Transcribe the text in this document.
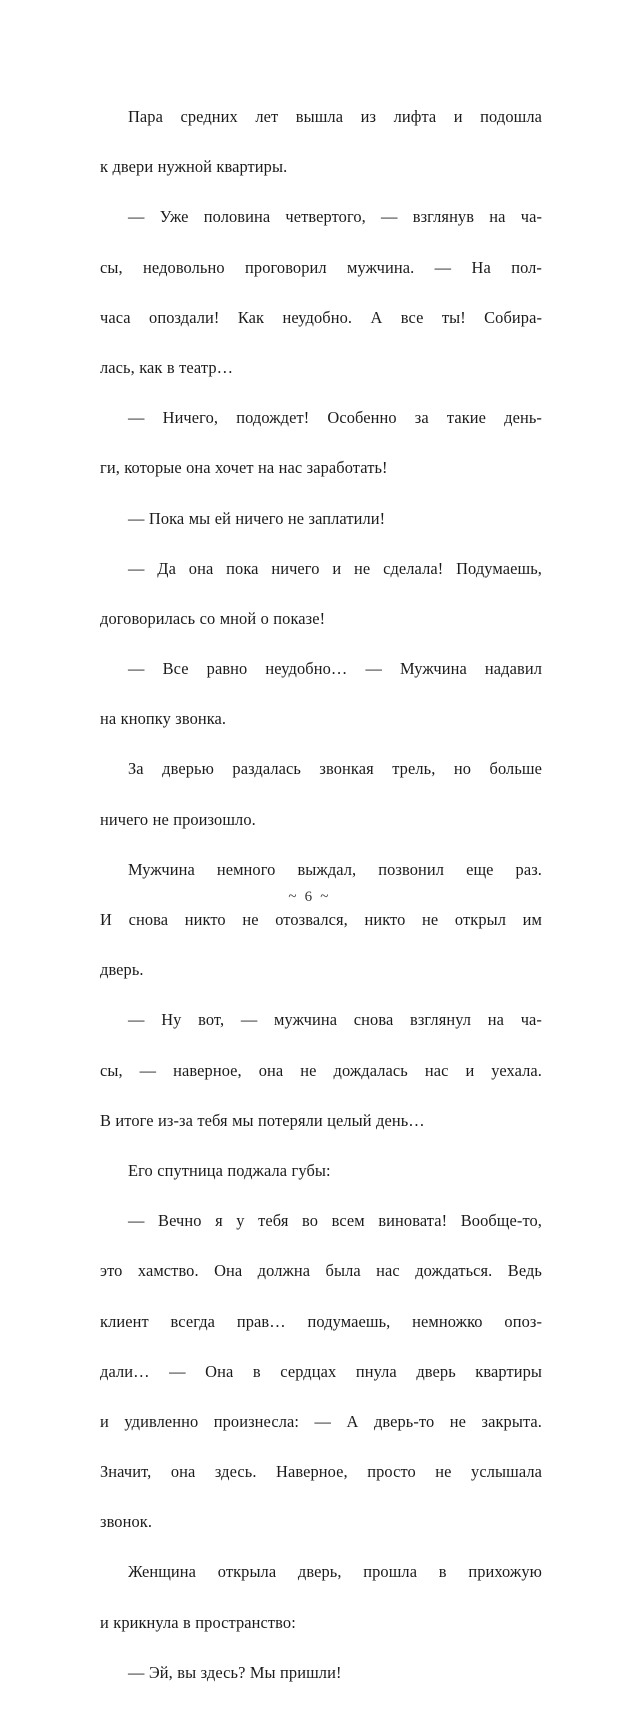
Пара средних лет вышла из лифта и подошла
к двери нужной квартиры.

— Уже половина четвертого, — взглянув на ча-
сы, недовольно проговорил мужчина. — На пол-
часа опоздали! Как неудобно. А все ты! Собира-
лась, как в театр…

— Ничего, подождет! Особенно за такие день-
ги, которые она хочет на нас заработать!

— Пока мы ей ничего не заплатили!

— Да она пока ничего и не сделала! Подумаешь,
договорилась со мной о показе!

— Все равно неудобно… — Мужчина надавил
на кнопку звонка.

За дверью раздалась звонкая трель, но больше
ничего не произошло.

Мужчина немного выждал, позвонил еще раз.
И снова никто не отозвался, никто не открыл им
дверь.

— Ну вот, — мужчина снова взглянул на ча-
сы, — наверное, она не дождалась нас и уехала.
В итоге из-за тебя мы потеряли целый день…

Его спутница поджала губы:

— Вечно я у тебя во всем виновата! Вообще-то,
это хамство. Она должна была нас дождаться. Ведь
клиент всегда прав… подумаешь, немножко опоз-
дали… — Она в сердцах пнула дверь квартиры
и удивленно произнесла: — А дверь-то не закрыта.
Значит, она здесь. Наверное, просто не услышала
звонок.

Женщина открыла дверь, прошла в прихожую
и крикнула в пространство:

— Эй, вы здесь? Мы пришли!

~ 6 ~
